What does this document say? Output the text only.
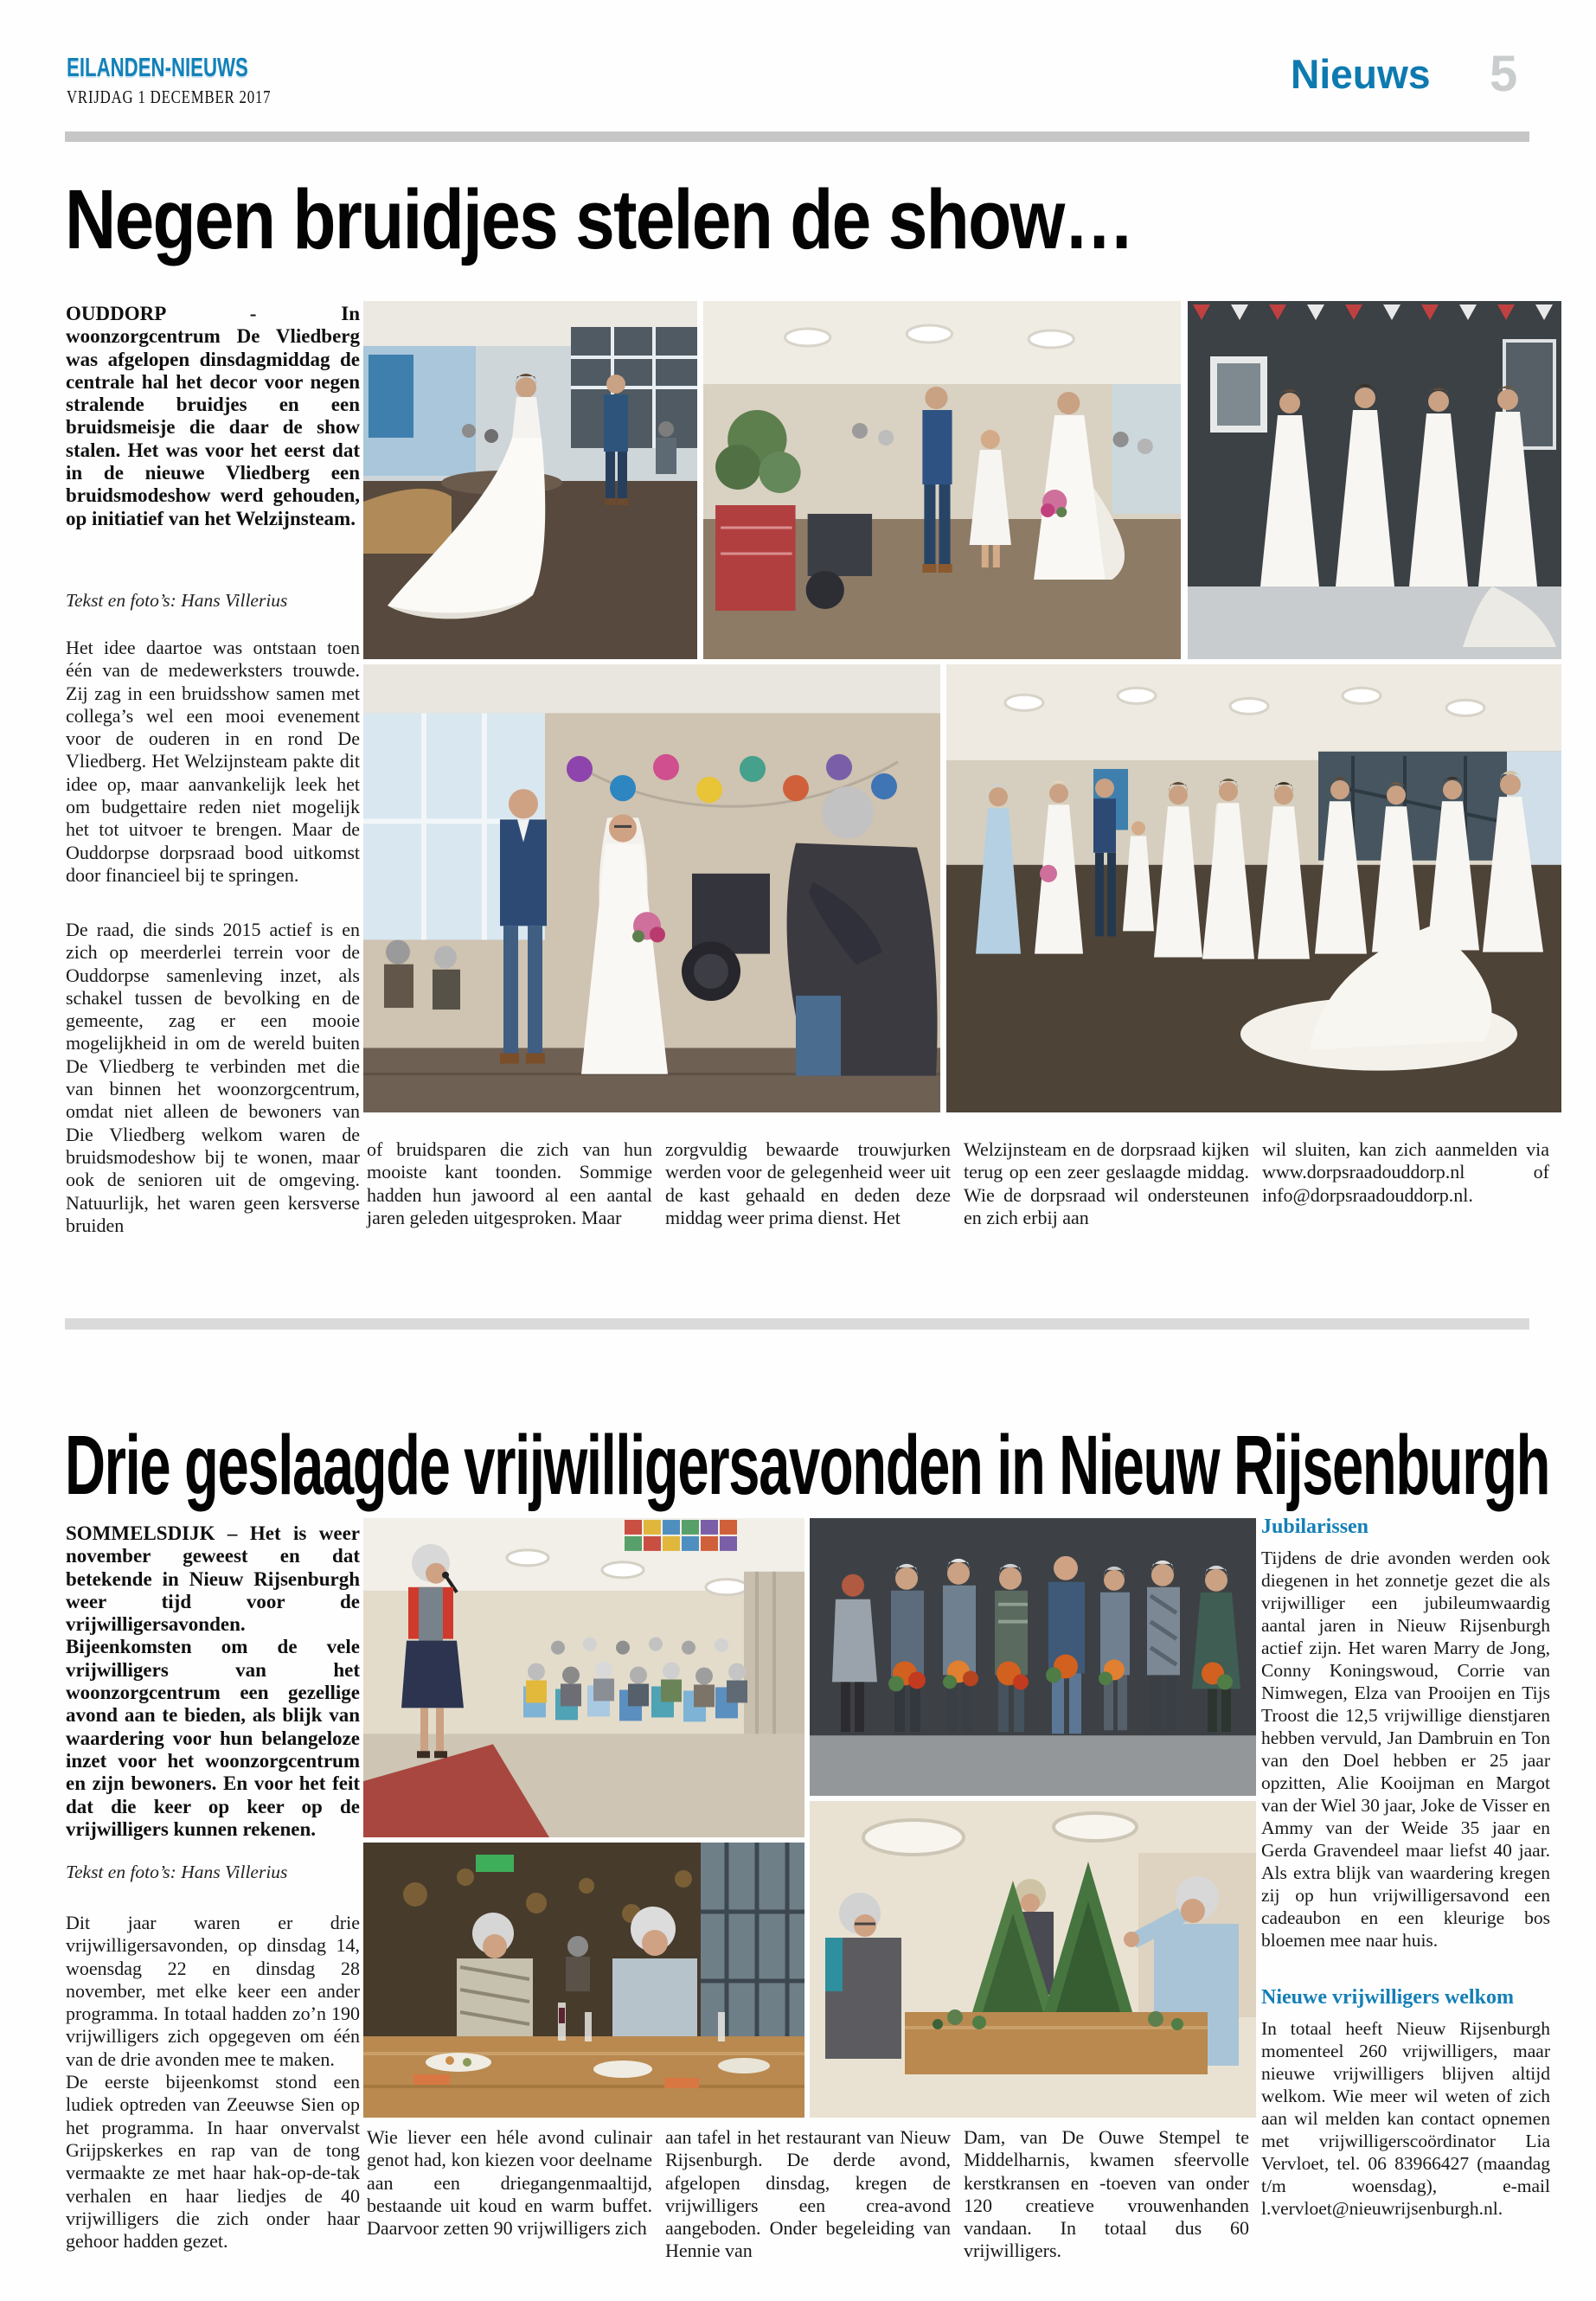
EILANDEN-NIEUWS
VRIJDAG 1 DECEMBER 2017	Nieuws 5
Negen bruidjes stelen de show…
OUDDORP - In woonzorgcentrum De Vliedberg was afgelopen dinsdagmiddag de centrale hal het decor voor negen stralende bruidjes en een bruidsmeisje die daar de show stalen. Het was voor het eerst dat in de nieuwe Vliedberg een bruidsmodeshow werd gehouden, op initiatief van het Welzijnsteam.
Tekst en foto’s: Hans Villerius

Het idee daartoe was ontstaan toen één van de medewerksters trouwde. Zij zag in een bruidsshow samen met collega’s wel een mooi evenement voor de ouderen in en rond De Vliedberg. Het Welzijnsteam pakte dit idee op, maar aanvankelijk leek het om budgettaire reden niet mogelijk het tot uitvoer te brengen. Maar de Ouddorpse dorpsraad bood uitkomst door financieel bij te springen.

De raad, die sinds 2015 actief is en zich op meerderlei terrein voor de Ouddorpse samenleving inzet, als schakel tussen de bevolking en de gemeente, zag er een mooie mogelijkheid in om de wereld buiten De Vliedberg te verbinden met die van binnen het woonzorgcentrum, omdat niet alleen de bewoners van Die Vliedberg welkom waren de bruidsmodeshow bij te wonen, maar ook de senioren uit de omgeving. Natuurlijk, het waren geen kersverse bruiden

of bruidsparen die zich van hun mooiste kant toonden. Sommige hadden hun jawoord al een aantal jaren geleden uitgesproken. Maar

zorgvuldig bewaarde trouwjurken werden voor de gelegenheid weer uit de kast gehaald en deden deze middag weer prima dienst. Het

Welzijnsteam en de dorpsraad kijken terug op een zeer geslaagde middag. Wie de dorpsraad wil ondersteunen en zich erbij aan

wil sluiten, kan zich aanmelden via www.dorpsraadouddorp.nl of info@dorpsraadouddorp.nl.

Drie geslaagde vrijwilligersavonden in Nieuw Rijsenburgh
SOMMELSDIJK – Het is weer november geweest en dat betekende in Nieuw Rijsenburgh weer tijd voor de vrijwilligersavonden. Bijeenkomsten om de vele vrijwilligers van het woonzorgcentrum een gezellige avond aan te bieden, als blijk van waardering voor hun belangeloze inzet voor het woonzorgcentrum en zijn bewoners. En voor het feit dat die keer op keer op de vrijwilligers kunnen rekenen.
Tekst en foto’s: Hans Villerius

Dit jaar waren er drie vrijwilligersavonden, op dinsdag 14, woensdag 22 en dinsdag 28 november, met elke keer een ander programma. In totaal hadden zo’n 190 vrijwilligers zich opgegeven om één van de drie avonden mee te maken.

De eerste bijeenkomst stond een ludiek optreden van Zeeuwse Sien op het programma. In haar onvervalst Grijpskerkes en rap van de tong vermaakte ze met haar hak-op-de-tak verhalen en haar liedjes de 40 vrijwilligers die zich onder haar gehoor hadden gezet.

Wie liever een héle avond culinair genot had, kon kiezen voor deelname aan een driegangenmaaltijd, bestaande uit koud en warm buffet. Daarvoor zetten 90 vrijwilligers zich

aan tafel in het restaurant van Nieuw Rijsenburgh. De derde avond, afgelopen dinsdag, kregen de vrijwilligers een crea-avond aangeboden. Onder begeleiding van Hennie van

Dam, van De Ouwe Stempel te Middelharnis, kwamen sfeervolle kerstkransen en -toeven van onder 120 creatieve vrouwenhanden vandaan. In totaal dus 60 vrijwilligers.

Jubilarissen

Tijdens de drie avonden werden ook diegenen in het zonnetje gezet die als vrijwilliger een jubileumwaardig aantal jaren in Nieuw Rijsenburgh actief zijn. Het waren Marry de Jong, Conny Koningswoud, Corrie van Nimwegen, Elza van Prooijen en Tijs Troost die 12,5 vrijwillige dienstjaren hebben vervuld, Jan Dambruin en Ton van den Doel hebben er 25 jaar opzitten, Alie Kooijman en Margot van der Wiel 30 jaar, Joke de Visser en Ammy van der Weide 35 jaar en Gerda Gravendeel maar liefst 40 jaar. Als extra blijk van waardering kregen zij op hun vrijwilligersavond een cadeaubon en een kleurige bos bloemen mee naar huis.

Nieuwe vrijwilligers welkom

In totaal heeft Nieuw Rijsenburgh momenteel 260 vrijwilligers, maar nieuwe vrijwilligers blijven altijd welkom. Wie meer wil weten of zich aan wil melden kan contact opnemen met vrijwilligerscoördinator Lia Vervloet, tel. 06 83966427 (maandag t/m woensdag), e-mail l.vervloet@nieuwrijsenburgh.nl.
